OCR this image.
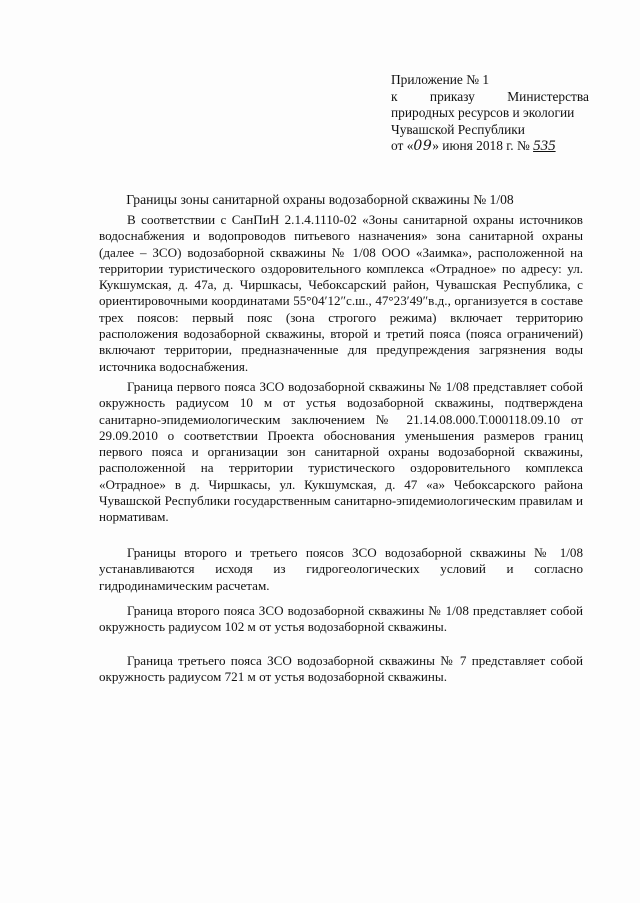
Приложение № 1
к приказу Министерства
природных ресурсов и экологии
Чувашской Республики
от «09» июня 2018 г. № 535
Границы зоны санитарной охраны водозаборной скважины № 1/08

В соответствии с СанПиН 2.1.4.1110-02 «Зоны санитарной охраны источников водоснабжения и водопроводов питьевого назначения» зона санитарной охраны (далее – ЗСО) водозаборной скважины № 1/08 ООО «Заимка», расположенной на территории туристического оздоровительного комплекса «Отрадное» по адресу: ул. Кукшумская, д. 47а, д. Чиршкасы, Чебоксарский район, Чувашская Республика, с ориентировочными координатами 55°04′12″с.ш., 47°23′49″в.д., организуется в составе трех поясов: первый пояс (зона строгого режима) включает территорию расположения водозаборной скважины, второй и третий пояса (пояса ограничений) включают территории, предназначенные для предупреждения загрязнения воды источника водоснабжения.

Граница первого пояса ЗСО водозаборной скважины № 1/08 представляет собой окружность радиусом 10 м от устья водозаборной скважины, подтверждена санитарно-эпидемиологическим заключением № 21.14.08.000.Т.000118.09.10 от 29.09.2010 о соответствии Проекта обоснования уменьшения размеров границ первого пояса и организации зон санитарной охраны водозаборной скважины, расположенной на территории туристического оздоровительного комплекса «Отрадное» в д. Чиршкасы, ул. Кукшумская, д. 47 «а» Чебоксарского района Чувашской Республики государственным санитарно-эпидемиологическим правилам и нормативам.

Границы второго и третьего поясов ЗСО водозаборной скважины № 1/08 устанавливаются исходя из гидрогеологических условий и согласно гидродинамическим расчетам.

Граница второго пояса ЗСО водозаборной скважины № 1/08 представляет собой окружность радиусом 102 м от устья водозаборной скважины.

Граница третьего пояса ЗСО водозаборной скважины № 7 представляет собой окружность радиусом 721 м от устья водозаборной скважины.
